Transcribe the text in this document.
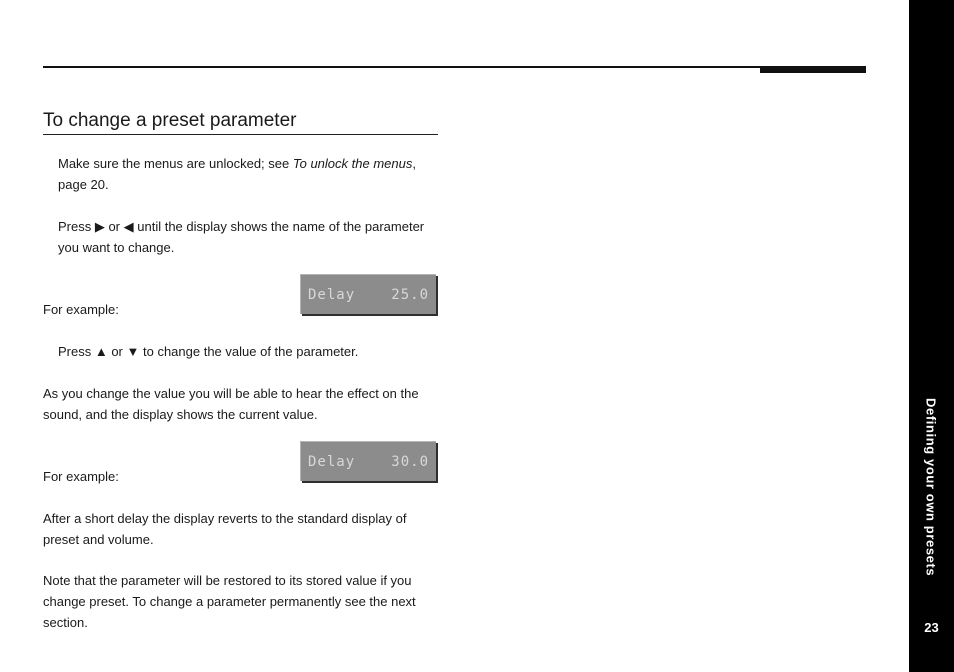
To change a preset parameter

Make sure the menus are unlocked; see To unlock the menus, page 20.

Press ▶ or ◀ until the display shows the name of the parameter you want to change.

For example:

Delay	25.0

Press ▲ or ▼ to change the value of the parameter.

As you change the value you will be able to hear the effect on the sound, and the display shows the current value.

For example:

Delay	30.0

After a short delay the display reverts to the standard display of preset and volume.

Note that the parameter will be restored to its stored value if you change preset. To change a parameter permanently see the next section.

Defining your own presets
23
